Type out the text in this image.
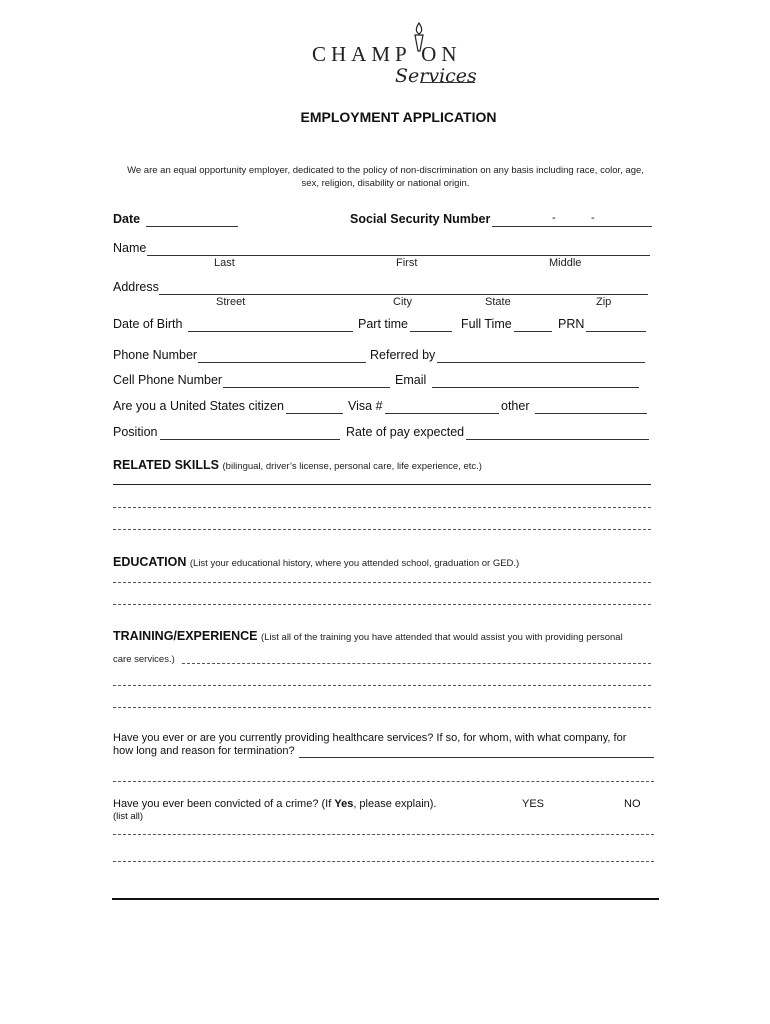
CHAMP ON
Services
EMPLOYMENT APPLICATION
We are an equal opportunity employer, dedicated to the policy of non-discrimination on any basis including race, color, age, sex, religion, disability or national origin.
Date	Social Security Number	-	-
Name
Last	First	Middle
Address
Street	City	State	Zip
Date of Birth	Part time	Full Time	PRN
Phone Number	Referred by
Cell Phone Number	Email
Are you a United States citizen	Visa #	other
Position	Rate of pay expected
RELATED SKILLS (bilingual, driver’s license, personal care, life experience, etc.)
EDUCATION (List your educational history, where you attended school, graduation or GED.)
TRAINING/EXPERIENCE (List all of the training you have attended that would assist you with providing personal
care services.)
Have you ever or are you currently providing healthcare services? If so, for whom, with what company, for
how long and reason for termination?
Have you ever been convicted of a crime? (If Yes, please explain).	YES	NO
(list all)
